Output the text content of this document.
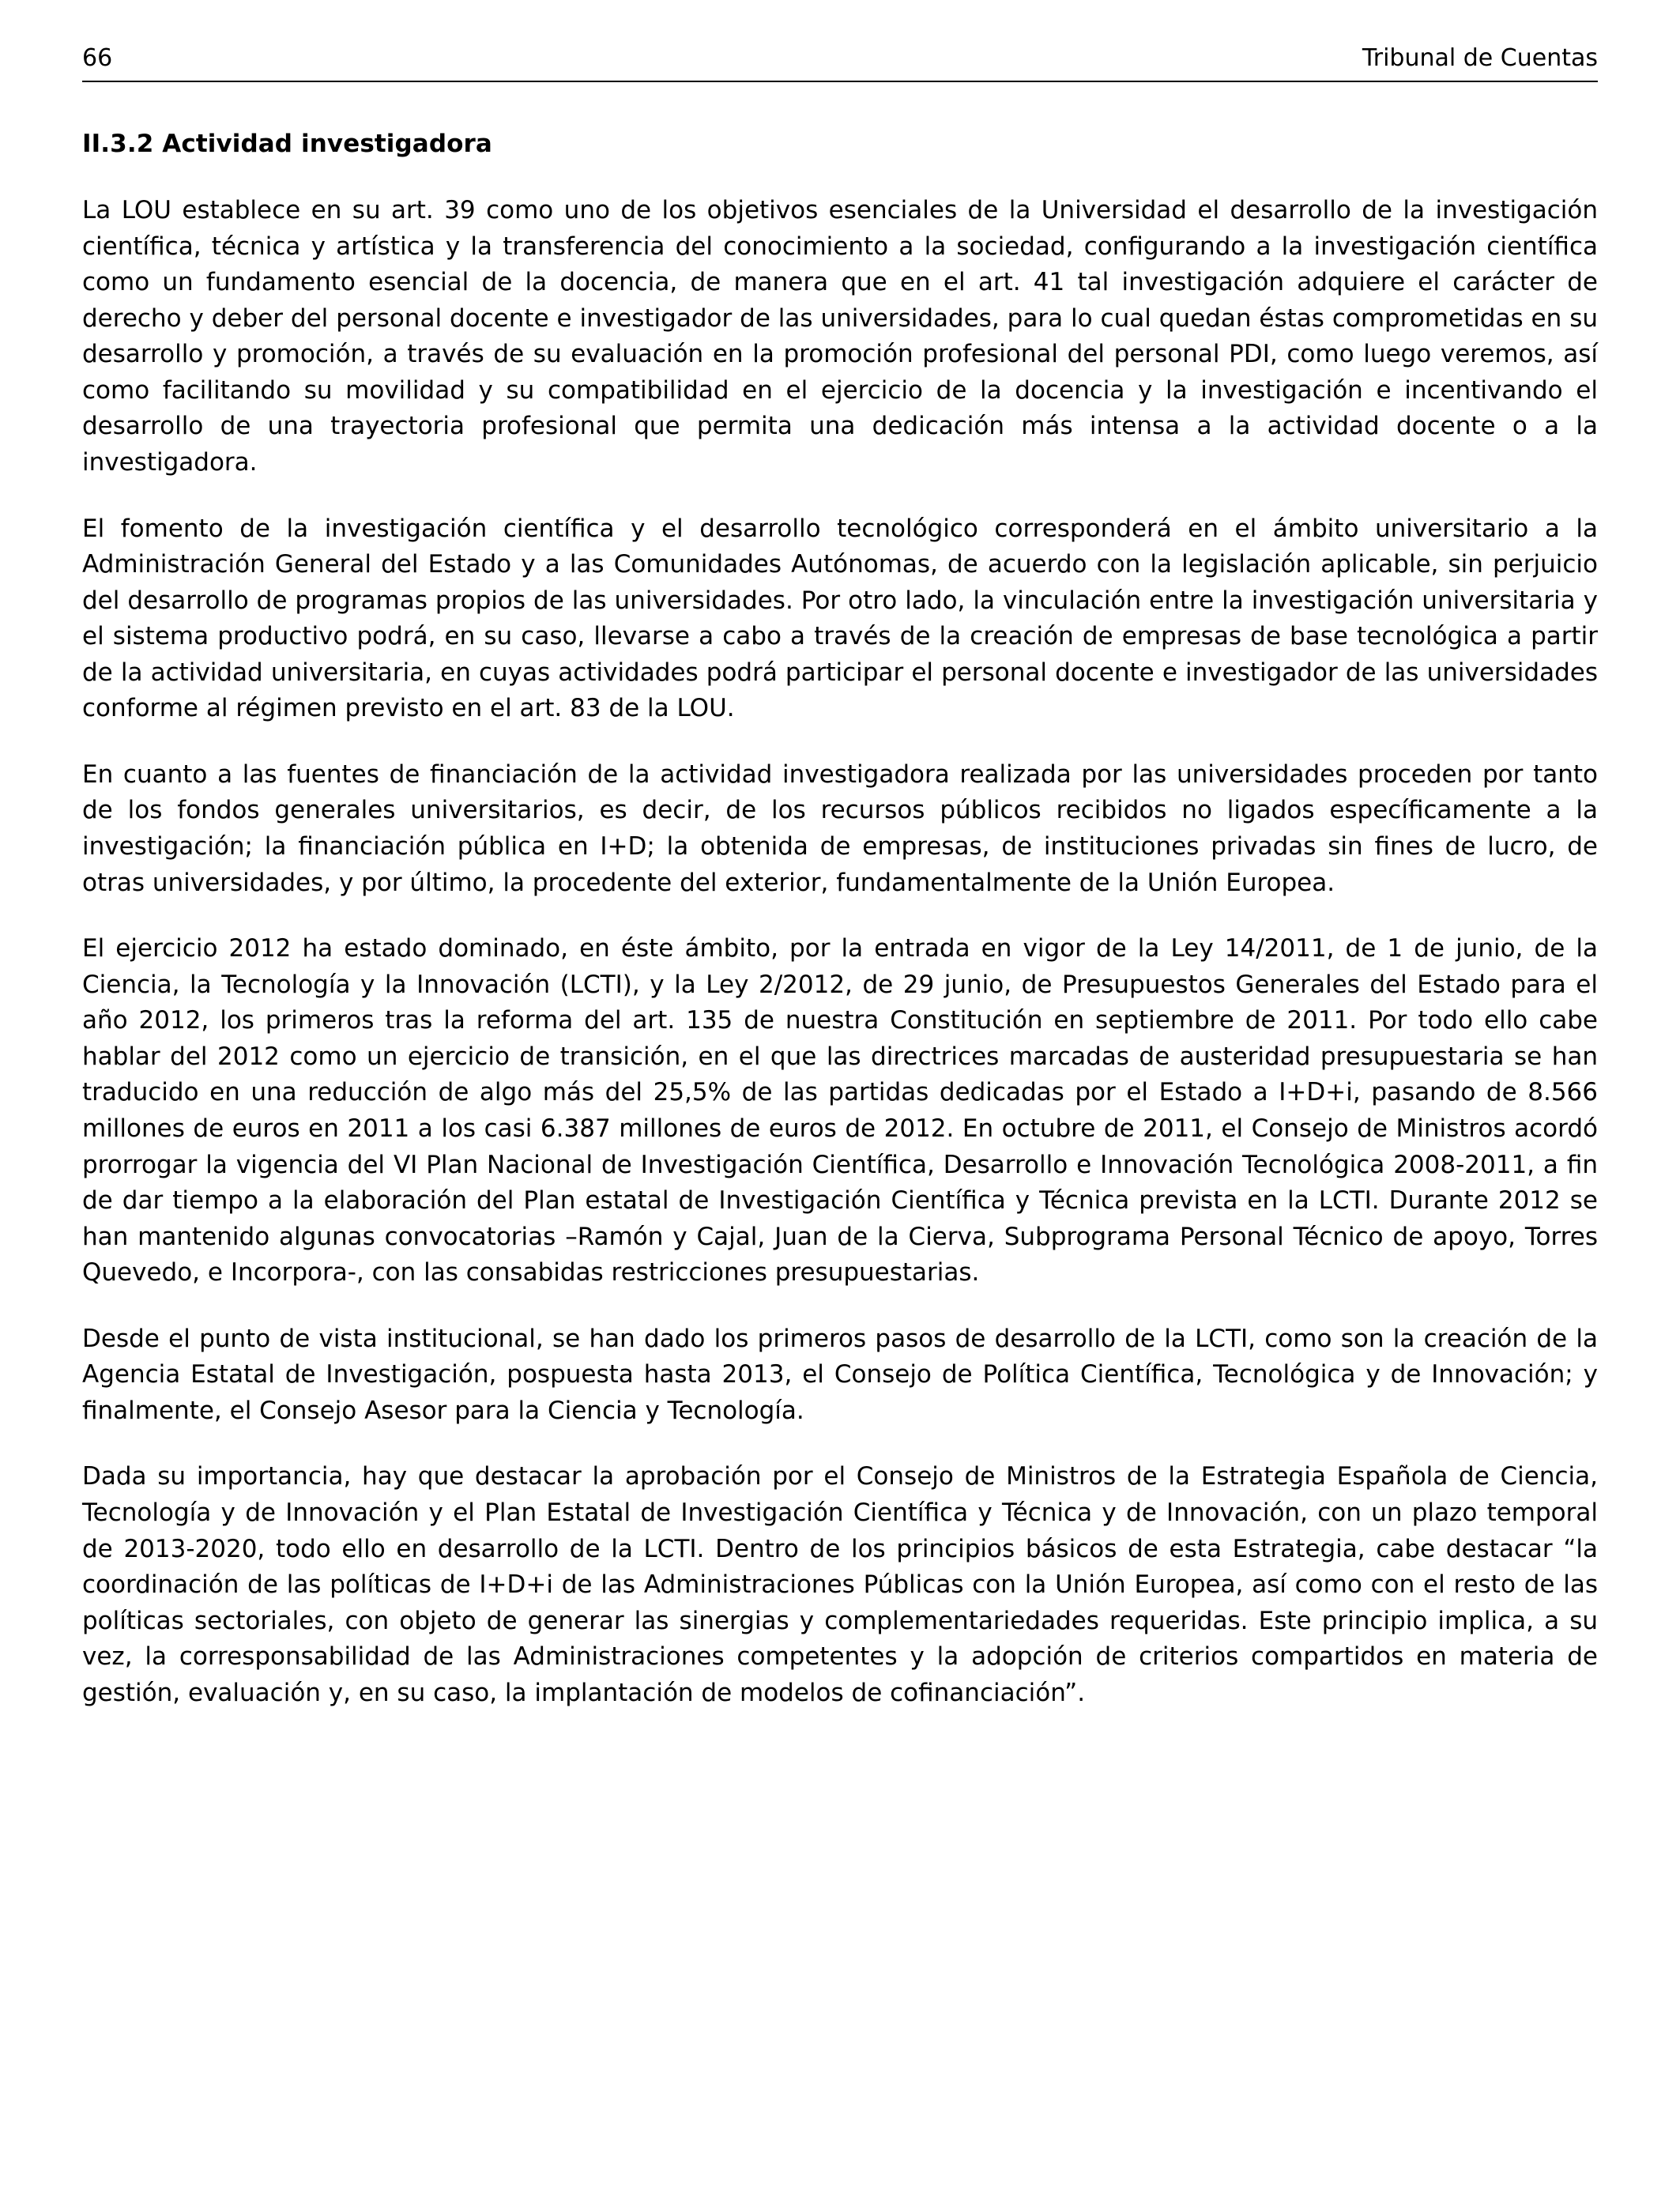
66	Tribunal de Cuentas
II.3.2 Actividad investigadora

La LOU establece en su art. 39 como uno de los objetivos esenciales de la Universidad el desarrollo de la investigación científica, técnica y artística y la transferencia del conocimiento a la sociedad, configurando a la investigación científica como un fundamento esencial de la docencia, de manera que en el art. 41 tal investigación adquiere el carácter de derecho y deber del personal docente e investigador de las universidades, para lo cual quedan éstas comprometidas en su desarrollo y promoción, a través de su evaluación en la promoción profesional del personal PDI, como luego veremos, así como facilitando su movilidad y su compatibilidad en el ejercicio de la docencia y la investigación e incentivando el desarrollo de una trayectoria profesional que permita una dedicación más intensa a la actividad docente o a la investigadora.

El fomento de la investigación científica y el desarrollo tecnológico corresponderá en el ámbito universitario a la Administración General del Estado y a las Comunidades Autónomas, de acuerdo con la legislación aplicable, sin perjuicio del desarrollo de programas propios de las universidades. Por otro lado, la vinculación entre la investigación universitaria y el sistema productivo podrá, en su caso, llevarse a cabo a través de la creación de empresas de base tecnológica a partir de la actividad universitaria, en cuyas actividades podrá participar el personal docente e investigador de las universidades conforme al régimen previsto en el art. 83 de la LOU.

En cuanto a las fuentes de financiación de la actividad investigadora realizada por las universidades proceden por tanto de los fondos generales universitarios, es decir, de los recursos públicos recibidos no ligados específicamente a la investigación; la financiación pública en I+D; la obtenida de empresas, de instituciones privadas sin fines de lucro, de otras universidades, y por último, la procedente del exterior, fundamentalmente de la Unión Europea.

El ejercicio 2012 ha estado dominado, en éste ámbito, por la entrada en vigor de la Ley 14/2011, de 1 de junio, de la Ciencia, la Tecnología y la Innovación (LCTI), y la Ley 2/2012, de 29 junio, de Presupuestos Generales del Estado para el año 2012, los primeros tras la reforma del art. 135 de nuestra Constitución en septiembre de 2011. Por todo ello cabe hablar del 2012 como un ejercicio de transición, en el que las directrices marcadas de austeridad presupuestaria se han traducido en una reducción de algo más del 25,5% de las partidas dedicadas por el Estado a I+D+i, pasando de 8.566 millones de euros en 2011 a los casi 6.387 millones de euros de 2012. En octubre de 2011, el Consejo de Ministros acordó prorrogar la vigencia del VI Plan Nacional de Investigación Científica, Desarrollo e Innovación Tecnológica 2008-2011, a fin de dar tiempo a la elaboración del Plan estatal de Investigación Científica y Técnica prevista en la LCTI. Durante 2012 se han mantenido algunas convocatorias –Ramón y Cajal, Juan de la Cierva, Subprograma Personal Técnico de apoyo, Torres Quevedo, e Incorpora-, con las consabidas restricciones presupuestarias.

Desde el punto de vista institucional, se han dado los primeros pasos de desarrollo de la LCTI, como son la creación de la Agencia Estatal de Investigación, pospuesta hasta 2013, el Consejo de Política Científica, Tecnológica y de Innovación; y finalmente, el Consejo Asesor para la Ciencia y Tecnología.

Dada su importancia, hay que destacar la aprobación por el Consejo de Ministros de la Estrategia Española de Ciencia, Tecnología y de Innovación y el Plan Estatal de Investigación Científica y Técnica y de Innovación, con un plazo temporal de 2013-2020, todo ello en desarrollo de la LCTI. Dentro de los principios básicos de esta Estrategia, cabe destacar “la coordinación de las políticas de I+D+i de las Administraciones Públicas con la Unión Europea, así como con el resto de las políticas sectoriales, con objeto de generar las sinergias y complementariedades requeridas. Este principio implica, a su vez, la corresponsabilidad de las Administraciones competentes y la adopción de criterios compartidos en materia de gestión, evaluación y, en su caso, la implantación de modelos de cofinanciación”.
